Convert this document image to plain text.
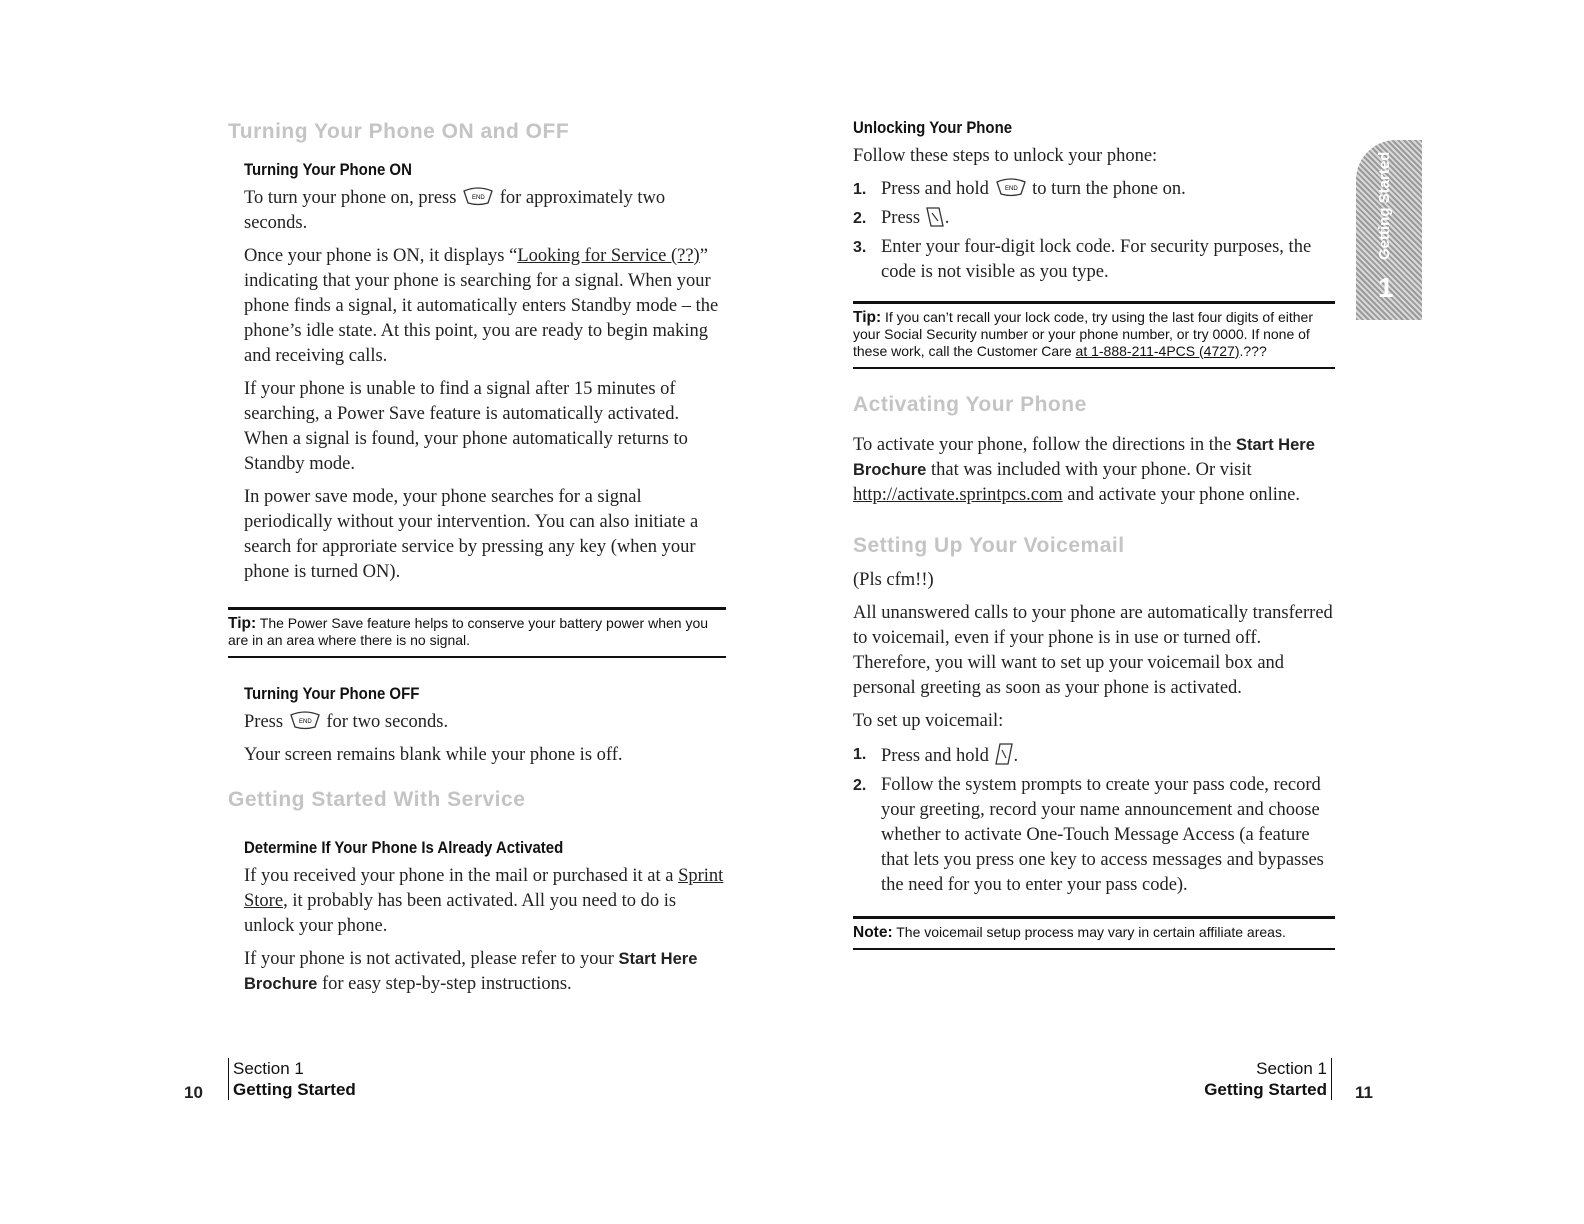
Turning Your Phone ON and OFF
Turning Your Phone ON

To turn your phone on, press	END for approximately two seconds.

Once your phone is ON, it displays “Looking for Service (??)” indicating that your phone is searching for a signal. When your phone finds a signal, it automatically enters Standby mode – the phone’s idle state. At this point, you are ready to begin making and receiving calls.

If your phone is unable to find a signal after 15 minutes of searching, a Power Save feature is automatically activated. When a signal is found, your phone automatically returns to Standby mode.

In power save mode, your phone searches for a signal periodically without your intervention. You can also initiate a search for approriate service by pressing any key (when your phone is turned ON).

Tip: The Power Save feature helps to conserve your battery power when you are in an area where there is no signal.
Turning Your Phone OFF

Press	END for two seconds.

Your screen remains blank while your phone is off.

Getting Started With Service
Determine If Your Phone Is Already Activated

If you received your phone in the mail or purchased it at a Sprint Store, it probably has been activated. All you need to do is unlock your phone.

If your phone is not activated, please refer to your Start Here Brochure for easy step-by-step instructions.

Unlocking Your Phone

Follow these steps to unlock your phone:

1. Press and hold	END to turn the phone on.
2. Press .
3. Enter your four-digit lock code. For security purposes, the code is not visible as you type.
Tip: If you can’t recall your lock code, try using the last four digits of either your Social Security number or your phone number, or try 0000. If none of these work, call the Customer Care at 1-888-211-4PCS (4727).???
Activating Your Phone

To activate your phone, follow the directions in the Start Here Brochure that was included with your phone. Or visit http://activate.sprintpcs.com and activate your phone online.

Setting Up Your Voicemail

(Pls cfm!!)

All unanswered calls to your phone are automatically transferred to voicemail, even if your phone is in use or turned off. Therefore, you will want to set up your voicemail box and personal greeting as soon as your phone is activated.

To set up voicemail:

1. Press and hold .
2. Follow the system prompts to create your pass code, record your greeting, record your name announcement and choose whether to activate One-Touch Message Access (a feature that lets you press one key to access messages and bypasses the need for you to enter your pass code).
Note: The voicemail setup process may vary in certain affiliate areas.
Getting Started
1
10
Section 1
Getting Started
Section 1
Getting Started 11
